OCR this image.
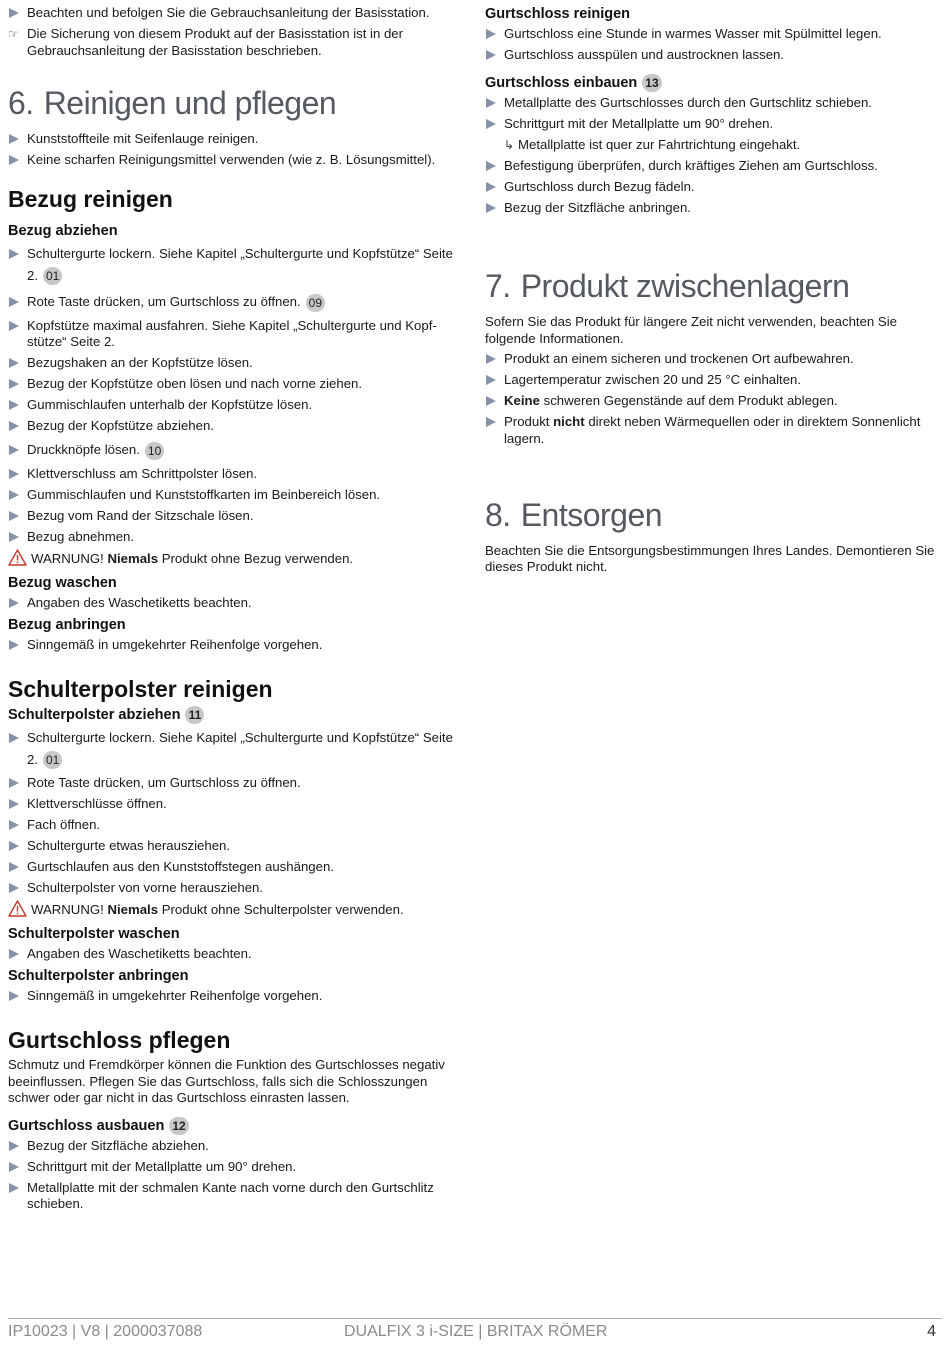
Beachten und befolgen Sie die Gebrauchsanleitung der Basisstation.
☞ Die Sicherung von diesem Produkt auf der Basisstation ist in der Gebrauchsanleitung der Basisstation beschrieben.
6. Reinigen und pflegen
Kunststoffteile mit Seifenlauge reinigen.
Keine scharfen Reinigungsmittel verwenden (wie z. B. Lösungsmittel).
Bezug reinigen
Bezug abziehen
Schultergurte lockern. Siehe Kapitel „Schultergurte und Kopfstütze“ Seite 2. 01
Rote Taste drücken, um Gurtschloss zu öffnen. 09
Kopfstütze maximal ausfahren. Siehe Kapitel „Schultergurte und Kopf-stütze“ Seite 2.
Bezugshaken an der Kopfstütze lösen.
Bezug der Kopfstütze oben lösen und nach vorne ziehen.
Gummischlaufen unterhalb der Kopfstütze lösen.
Bezug der Kopfstütze abziehen.
Druckknöpfe lösen. 10
Klettverschluss am Schrittpolster lösen.
Gummischlaufen und Kunststoffkarten im Beinbereich lösen.
Bezug vom Rand der Sitzschale lösen.
Bezug abnehmen.
WARNUNG! Niemals Produkt ohne Bezug verwenden.
Bezug waschen
Angaben des Waschetiketts beachten.
Bezug anbringen
Sinngemäß in umgekehrter Reihenfolge vorgehen.
Schulterpolster reinigen
Schulterpolster abziehen 11
Schultergurte lockern. Siehe Kapitel „Schultergurte und Kopfstütze“ Seite 2. 01
Rote Taste drücken, um Gurtschloss zu öffnen.
Klettverschlüsse öffnen.
Fach öffnen.
Schultergurte etwas herausziehen.
Gurtschlaufen aus den Kunststoffstegen aushängen.
Schulterpolster von vorne herausziehen.
WARNUNG! Niemals Produkt ohne Schulterpolster verwenden.
Schulterpolster waschen
Angaben des Waschetiketts beachten.
Schulterpolster anbringen
Sinngemäß in umgekehrter Reihenfolge vorgehen.
Gurtschloss pflegen

Schmutz und Fremdkörper können die Funktion des Gurtschlosses negativ beeinflussen. Pflegen Sie das Gurtschloss, falls sich die Schlosszungen schwer oder gar nicht in das Gurtschloss einrasten lassen.

Gurtschloss ausbauen 12
Bezug der Sitzfläche abziehen.
Schrittgurt mit der Metallplatte um 90° drehen.
Metallplatte mit der schmalen Kante nach vorne durch den Gurtschlitz schieben.
Gurtschloss reinigen
Gurtschloss eine Stunde in warmes Wasser mit Spülmittel legen.
Gurtschloss ausspülen und austrocknen lassen.
Gurtschloss einbauen 13
Metallplatte des Gurtschlosses durch den Gurtschlitz schieben.
Schrittgurt mit der Metallplatte um 90° drehen.
↳ Metallplatte ist quer zur Fahrtrichtung eingehakt.
Befestigung überprüfen, durch kräftiges Ziehen am Gurtschloss.
Gurtschloss durch Bezug fädeln.
Bezug der Sitzfläche anbringen.
7. Produkt zwischenlagern

Sofern Sie das Produkt für längere Zeit nicht verwenden, beachten Sie folgende Informationen.

Produkt an einem sicheren und trockenen Ort aufbewahren.
Lagertemperatur zwischen 20 und 25 °C einhalten.
Keine schweren Gegenstände auf dem Produkt ablegen.
Produkt nicht direkt neben Wärmequellen oder in direktem Sonnenlicht lagern.
8. Entsorgen

Beachten Sie die Entsorgungsbestimmungen Ihres Landes. Demontieren Sie dieses Produkt nicht.

IP10023 | V8 | 2000037088	DUALFIX 3 i-SIZE | BRITAX RÖMER	4
